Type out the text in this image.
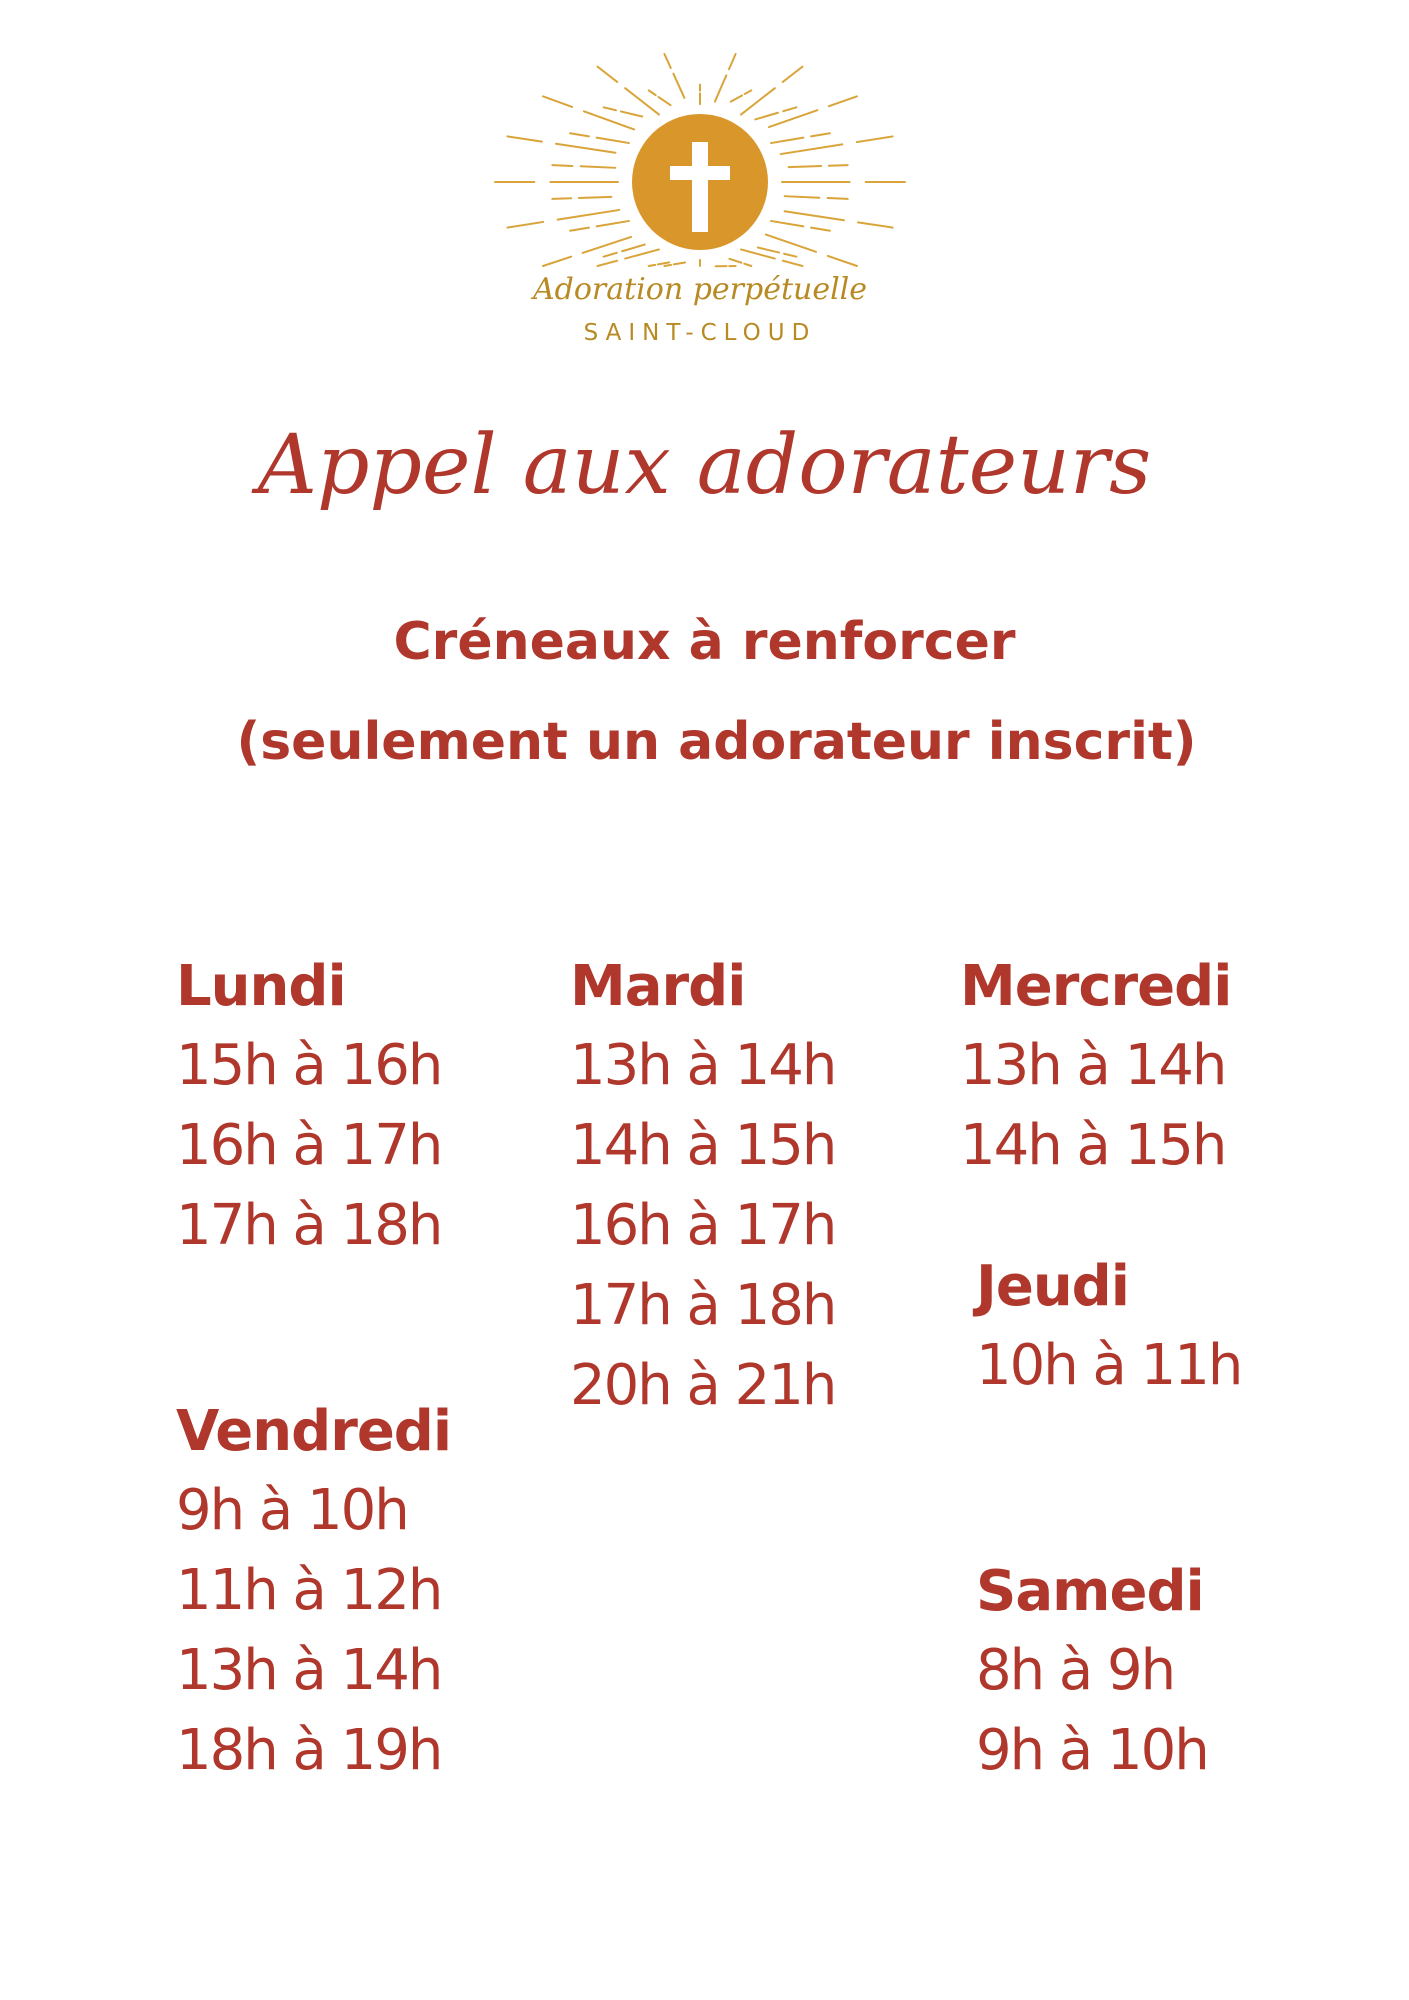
Adoration perpétuelle
SAINT-CLOUD
Appel aux adorateurs
Créneaux à renforcer
(seulement un adorateur inscrit)
Lundi
15h à 16h
16h à 17h
17h à 18h
Vendredi
9h à 10h
11h à 12h
13h à 14h
18h à 19h
Mardi
13h à 14h
14h à 15h
16h à 17h
17h à 18h
20h à 21h
Mercredi
13h à 14h
14h à 15h
Jeudi
10h à 11h
Samedi
8h à 9h
9h à 10h
